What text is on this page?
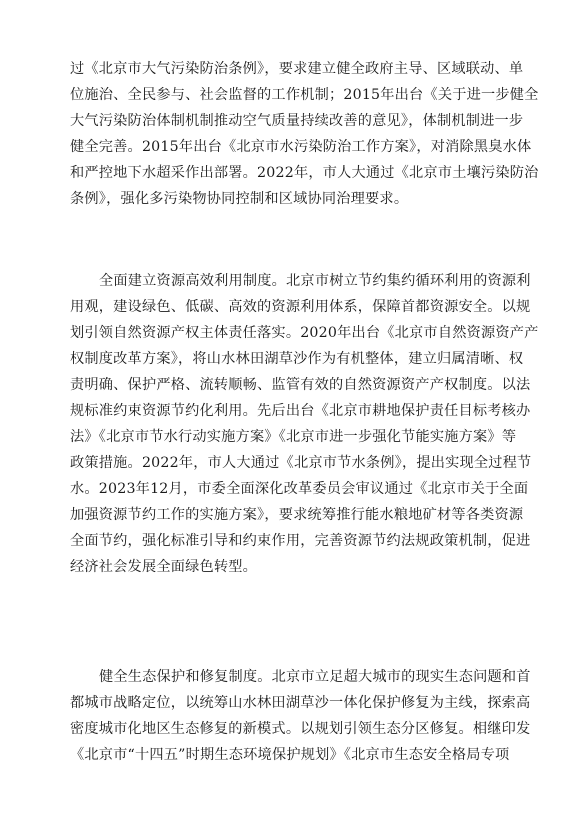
过《北京市大气污染防治条例》，要求建立健全政府主导、区域联动、单
位施治、全民参与、社会监督的工作机制；2015年出台《关于进一步健全
大气污染防治体制机制推动空气质量持续改善的意见》，体制机制进一步
健全完善。2015年出台《北京市水污染防治工作方案》，对消除黑臭水体
和严控地下水超采作出部署。2022年，市人大通过《北京市土壤污染防治
条例》，强化多污染物协同控制和区域协同治理要求。
全面建立资源高效利用制度。北京市树立节约集约循环利用的资源利
用观，建设绿色、低碳、高效的资源利用体系，保障首都资源安全。以规
划引领自然资源产权主体责任落实。2020年出台《北京市自然资源资产产
权制度改革方案》，将山水林田湖草沙作为有机整体，建立归属清晰、权
责明确、保护严格、流转顺畅、监管有效的自然资源资产产权制度。以法
规标准约束资源节约化利用。先后出台《北京市耕地保护责任目标考核办
法》《北京市节水行动实施方案》《北京市进一步强化节能实施方案》等
政策措施。2022年，市人大通过《北京市节水条例》，提出实现全过程节
水。2023年12月，市委全面深化改革委员会审议通过《北京市关于全面
加强资源节约工作的实施方案》，要求统筹推行能水粮地矿材等各类资源
全面节约，强化标准引导和约束作用，完善资源节约法规政策机制，促进
经济社会发展全面绿色转型。
健全生态保护和修复制度。北京市立足超大城市的现实生态问题和首
都城市战略定位，以统筹山水林田湖草沙一体化保护修复为主线，探索高
密度城市化地区生态修复的新模式。以规划引领生态分区修复。相继印发
《北京市“十四五”时期生态环境保护规划》《北京市生态安全格局专项
